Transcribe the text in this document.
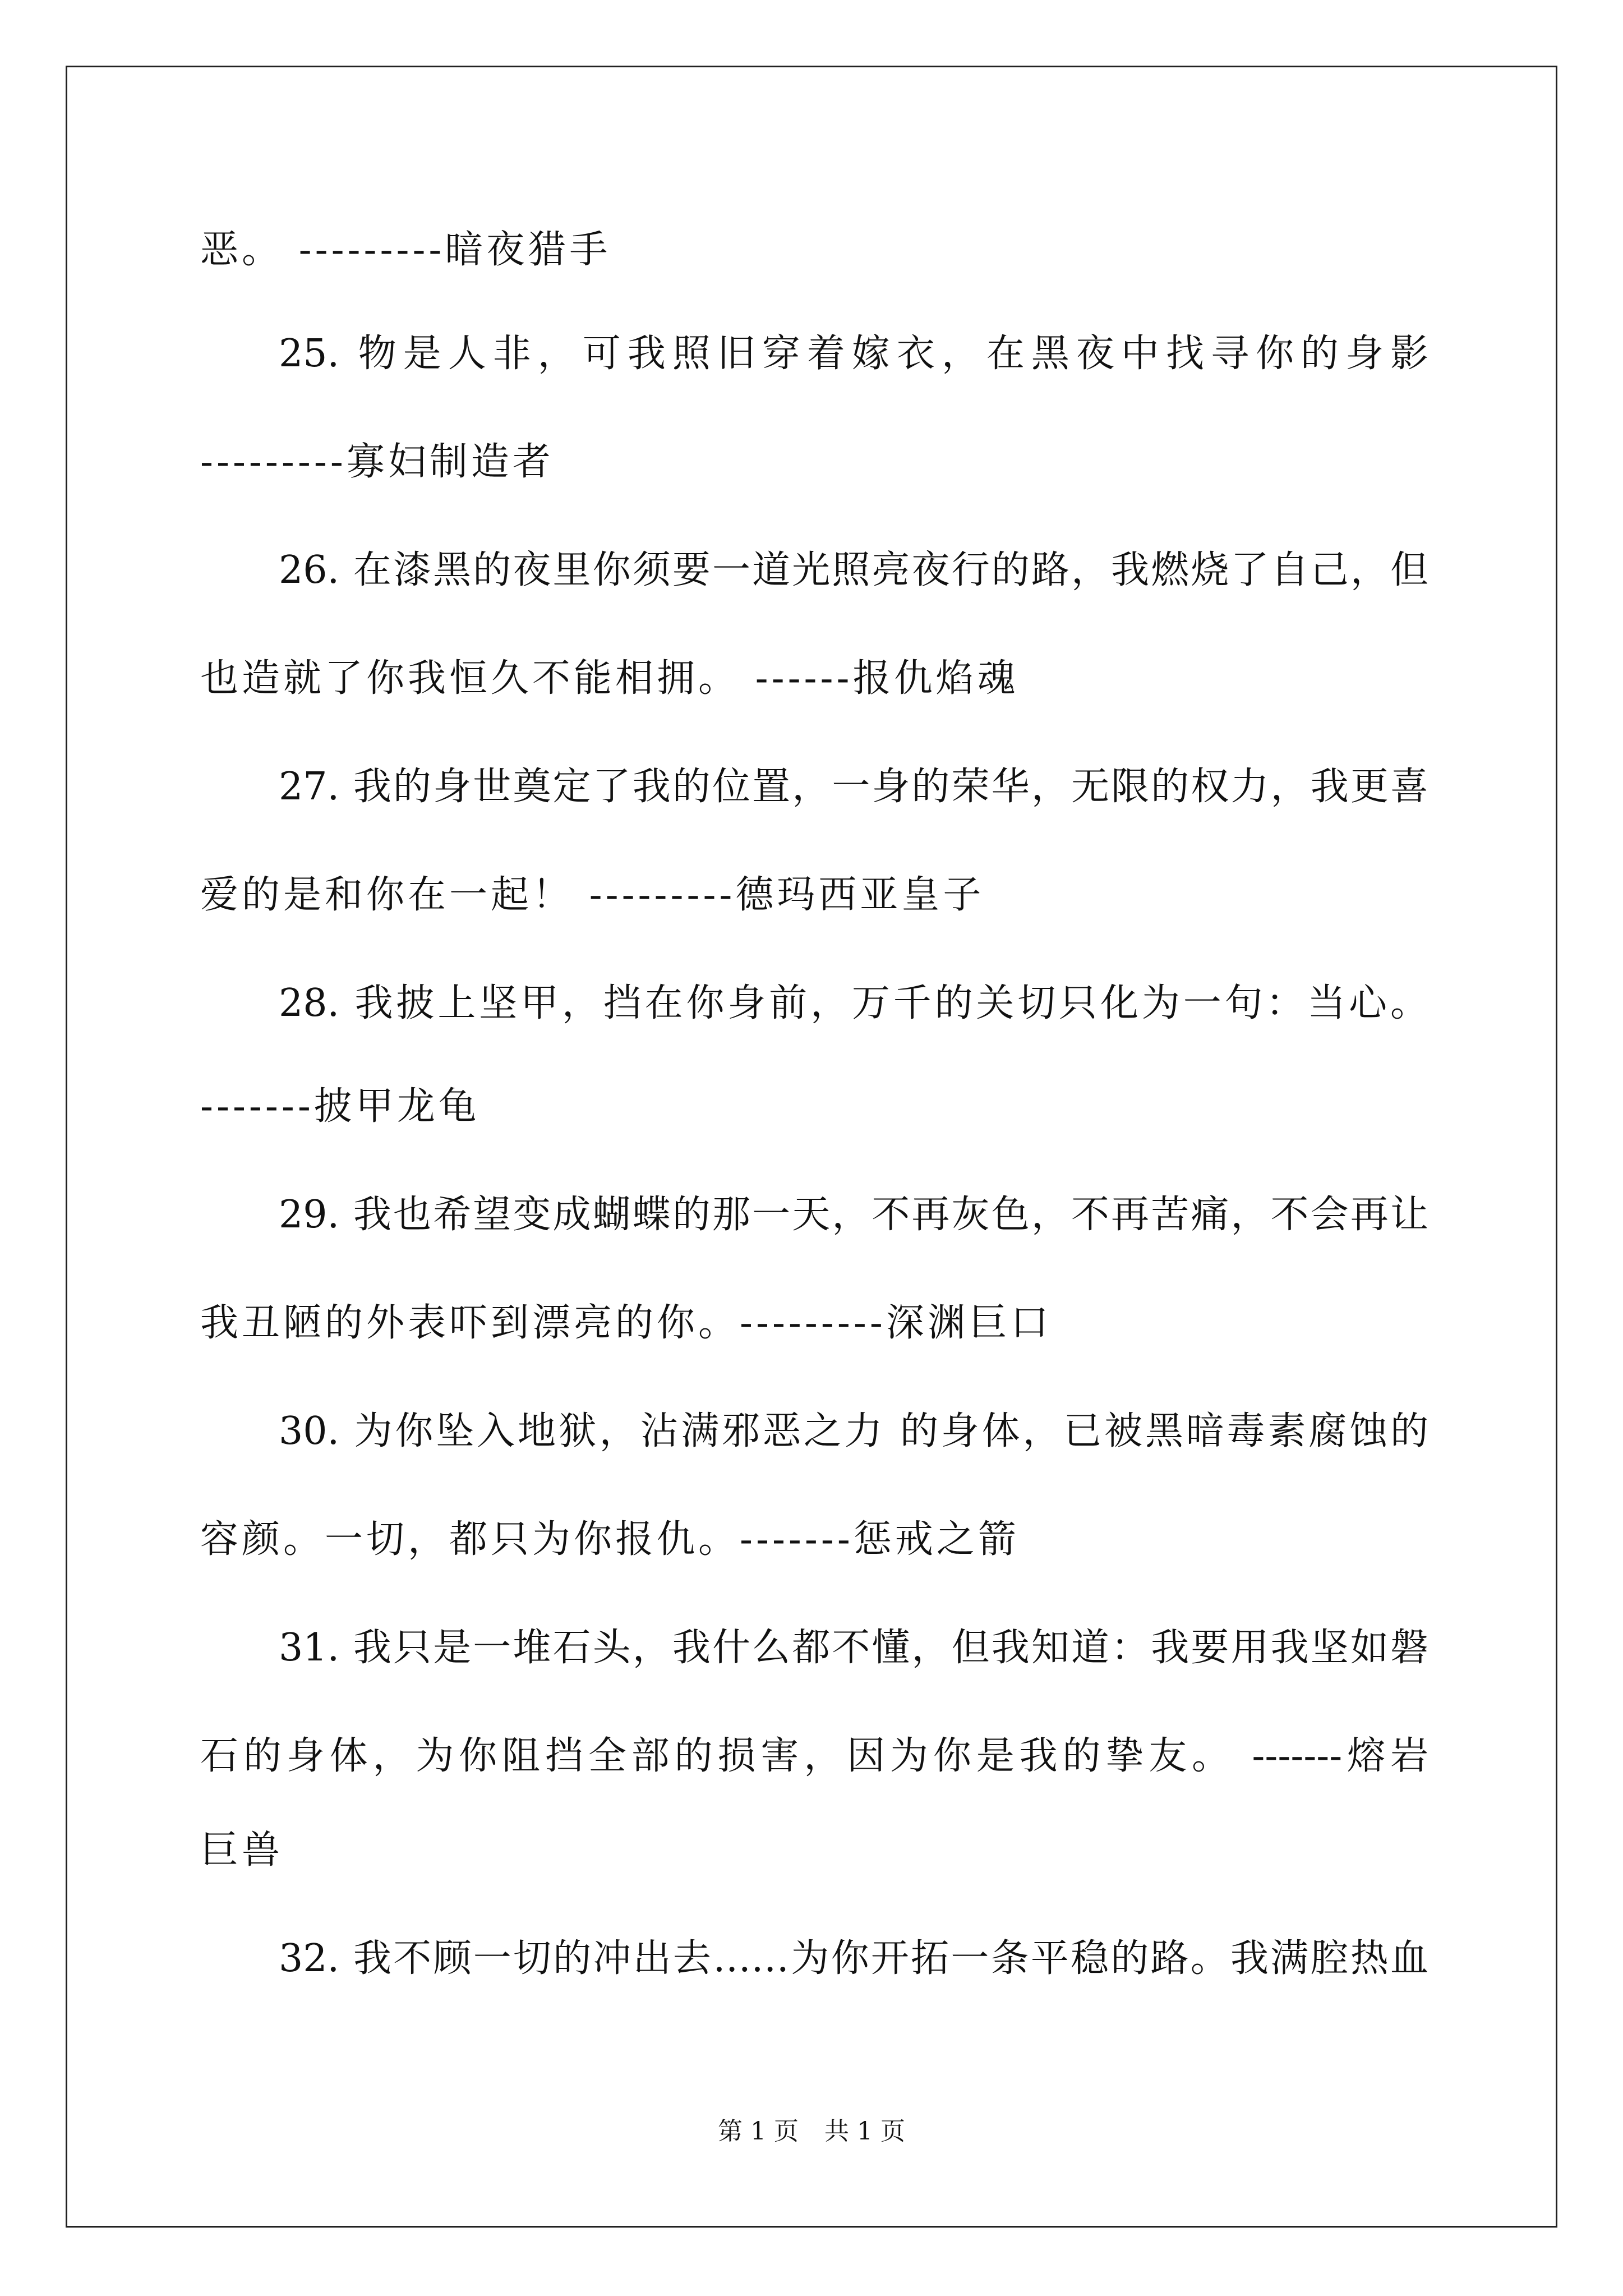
恶。 ---------暗夜猎手
25. 物是人非，可我照旧穿着嫁衣，在黑夜中找寻你的身影
---------寡妇制造者
26. 在漆黑的夜里你须要一道光照亮夜行的路，我燃烧了自己，但
也造就了你我恒久不能相拥。 ------报仇焰魂
27. 我的身世奠定了我的位置，一身的荣华，无限的权力，我更喜
爱的是和你在一起！ ---------德玛西亚皇子
28. 我披上坚甲，挡在你身前，万千的关切只化为一句：当心。
-------披甲龙龟
29. 我也希望变成蝴蝶的那一天，不再灰色，不再苦痛，不会再让
我丑陋的外表吓到漂亮的你。---------深渊巨口
30. 为你坠入地狱，沾满邪恶之力 的身体，已被黑暗毒素腐蚀的
容颜。一切，都只为你报仇。-------惩戒之箭
31. 我只是一堆石头，我什么都不懂，但我知道：我要用我坚如磐
石的身体，为你阻挡全部的损害，因为你是我的挚友。 -------熔岩
巨兽
32. 我不顾一切的冲出去……为你开拓一条平稳的路。我满腔热血
第 1 页 共 1 页
